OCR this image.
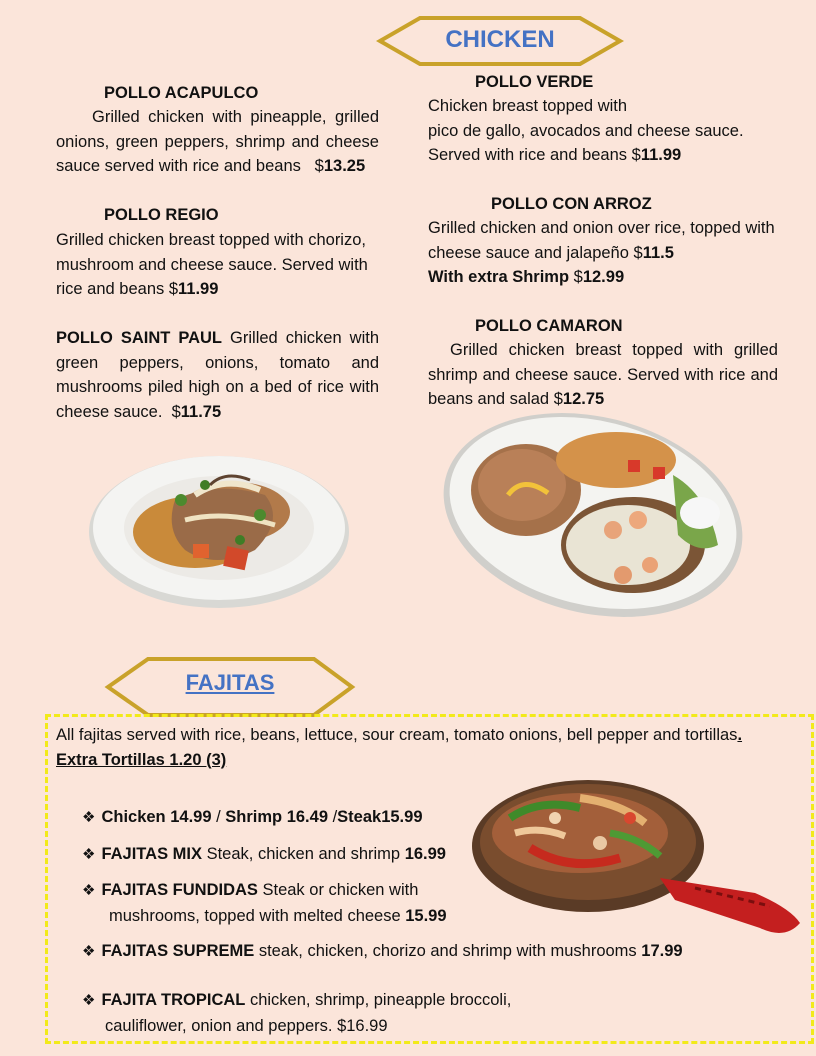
CHICKEN
POLLO ACAPULCO
Grilled chicken with pineapple, grilled onions, green peppers, shrimp and cheese sauce served with rice and beans $13.25
POLLO REGIO
Grilled chicken breast topped with chorizo, mushroom and cheese sauce. Served with rice and beans $11.99
POLLO SAINT PAUL Grilled chicken with green peppers, onions, tomato and mushrooms piled high on a bed of rice with cheese sauce. $11.75
POLLO VERDE
Chicken breast topped with
pico de gallo, avocados and cheese sauce. Served with rice and beans $11.99
POLLO CON ARROZ
Grilled chicken and onion over rice, topped with cheese sauce and jalapeño $11.5
With extra Shrimp $12.99
POLLO CAMARON
Grilled chicken breast topped with grilled shrimp and cheese sauce. Served with rice and beans and salad $12.75
FAJITAS
All fajitas served with rice, beans, lettuce, sour cream, tomato onions, bell pepper and tortillas. Extra Tortillas 1.20 (3)
❖ Chicken 14.99 / Shrimp 16.49 /Steak15.99
❖ FAJITAS MIX Steak, chicken and shrimp 16.99
❖ FAJITAS FUNDIDAS Steak or chicken with
mushrooms, topped with melted cheese 15.99
❖ FAJITAS SUPREME steak, chicken, chorizo and shrimp with mushrooms 17.99
❖ FAJITA TROPICAL chicken, shrimp, pineapple broccoli,
cauliflower, onion and peppers. $16.99
